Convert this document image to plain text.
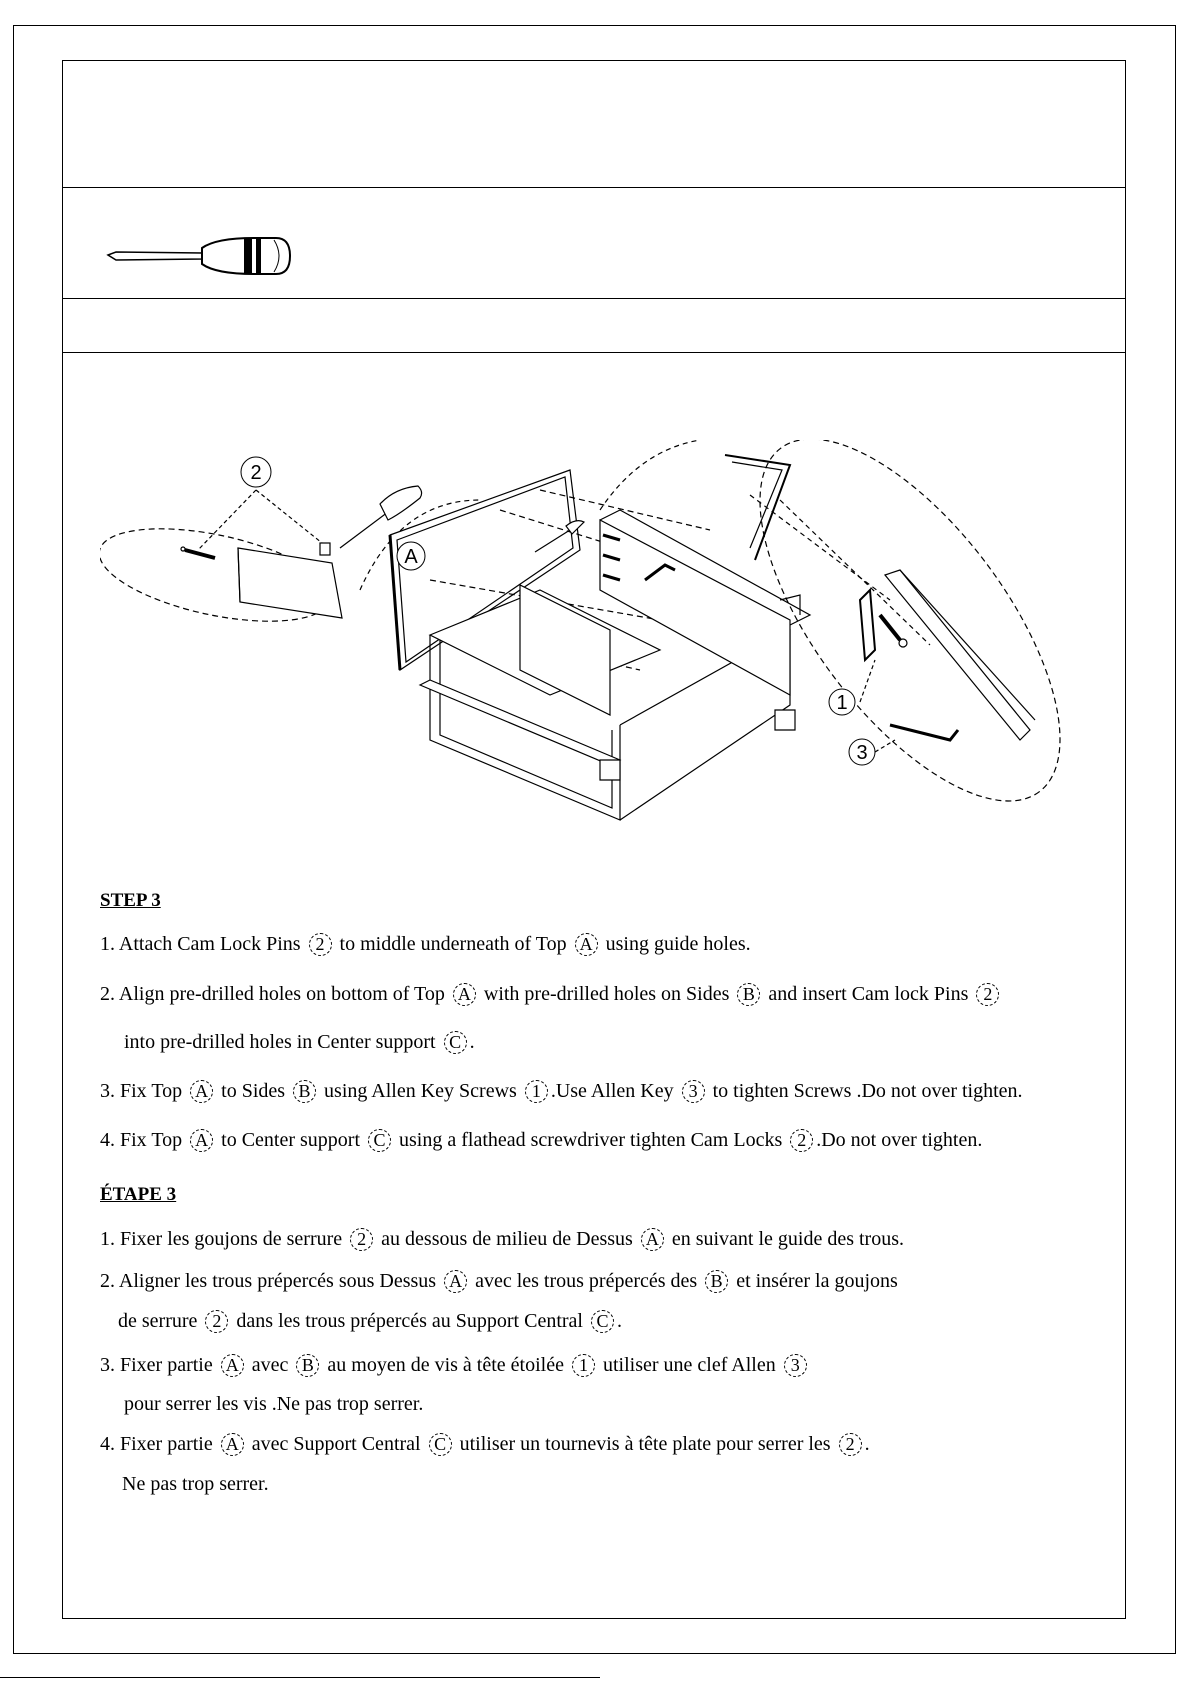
2
A
1
3
STEP 3
1. Attach Cam Lock Pins 2 to middle underneath of Top A using guide holes.
2. Align pre-drilled holes on bottom of Top A with pre-drilled holes on Sides B and insert Cam lock Pins 2
into pre-drilled holes in Center support C .
3. Fix Top A to Sides B using Allen Key Screws 1 .Use Allen Key 3 to tighten Screws .Do not over tighten.
4. Fix Top A to Center support C using a flathead screwdriver tighten Cam Locks 2 .Do not over tighten.
ÉTAPE 3
1. Fixer les goujons de serrure 2 au dessous de milieu de Dessus A en suivant le guide des trous.
2. Aligner les trous prépercés sous Dessus A avec les trous prépercés des B et insérer la goujons
de serrure 2 dans les trous prépercés au Support Central C .
3. Fixer partie A avec B au moyen de vis à tête étoilée 1 utiliser une clef Allen 3
pour serrer les vis .Ne pas trop serrer.
4. Fixer partie A avec Support Central C utiliser un tournevis à tête plate pour serrer les 2 .
Ne pas trop serrer.
